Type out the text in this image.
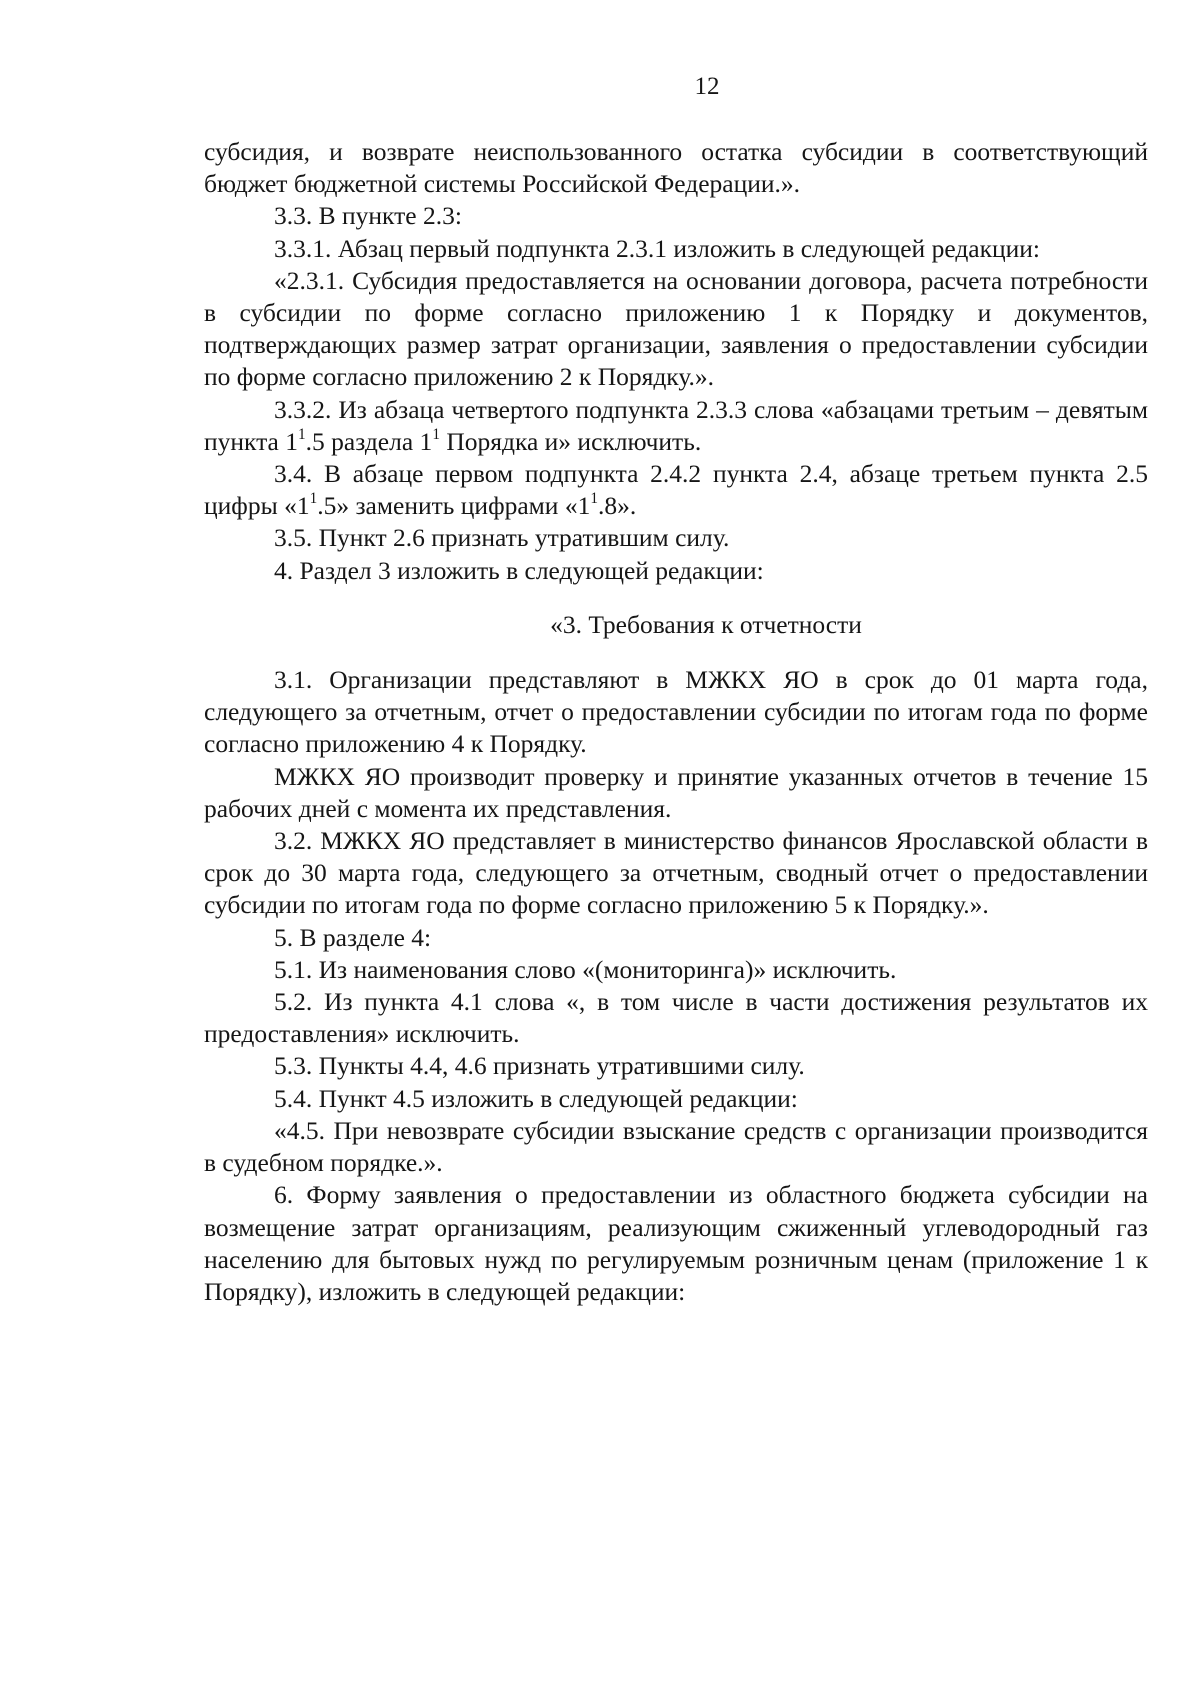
12

субсидия, и возврате неиспользованного остатка субсидии в соответствующий бюджет бюджетной системы Российской Федерации.».

3.3. В пункте 2.3:

3.3.1. Абзац первый подпункта 2.3.1 изложить в следующей редакции:

«2.3.1. Субсидия предоставляется на основании договора, расчета потребности в субсидии по форме согласно приложению 1 к Порядку и документов, подтверждающих размер затрат организации, заявления о предоставлении субсидии по форме согласно приложению 2 к Порядку.».

3.3.2. Из абзаца четвертого подпункта 2.3.3 слова «абзацами третьим – девятым пункта $1^1.5$ раздела $1^1$ Порядка и» исключить.

3.4. В абзаце первом подпункта 2.4.2 пункта 2.4, абзаце третьем пункта 2.5 цифры «$1^1.5$» заменить цифрами «$1^1.8$».

3.5. Пункт 2.6 признать утратившим силу.

4. Раздел 3 изложить в следующей редакции:

«3. Требования к отчетности

3.1. Организации представляют в МЖКХ ЯО в срок до 01 марта года, следующего за отчетным, отчет о предоставлении субсидии по итогам года по форме согласно приложению 4 к Порядку.

МЖКХ ЯО производит проверку и принятие указанных отчетов в течение 15 рабочих дней с момента их представления.

3.2. МЖКХ ЯО представляет в министерство финансов Ярославской области в срок до 30 марта года, следующего за отчетным, сводный отчет о предоставлении субсидии по итогам года по форме согласно приложению 5 к Порядку.».

5. В разделе 4:

5.1. Из наименования слово «(мониторинга)» исключить.

5.2. Из пункта 4.1 слова «, в том числе в части достижения результатов их предоставления» исключить.

5.3. Пункты 4.4, 4.6 признать утратившими силу.

5.4. Пункт 4.5 изложить в следующей редакции:

«4.5. При невозврате субсидии взыскание средств с организации производится в судебном порядке.».

6. Форму заявления о предоставлении из областного бюджета субсидии на возмещение затрат организациям, реализующим сжиженный углеводородный газ населению для бытовых нужд по регулируемым розничным ценам (приложение 1 к Порядку), изложить в следующей редакции:
